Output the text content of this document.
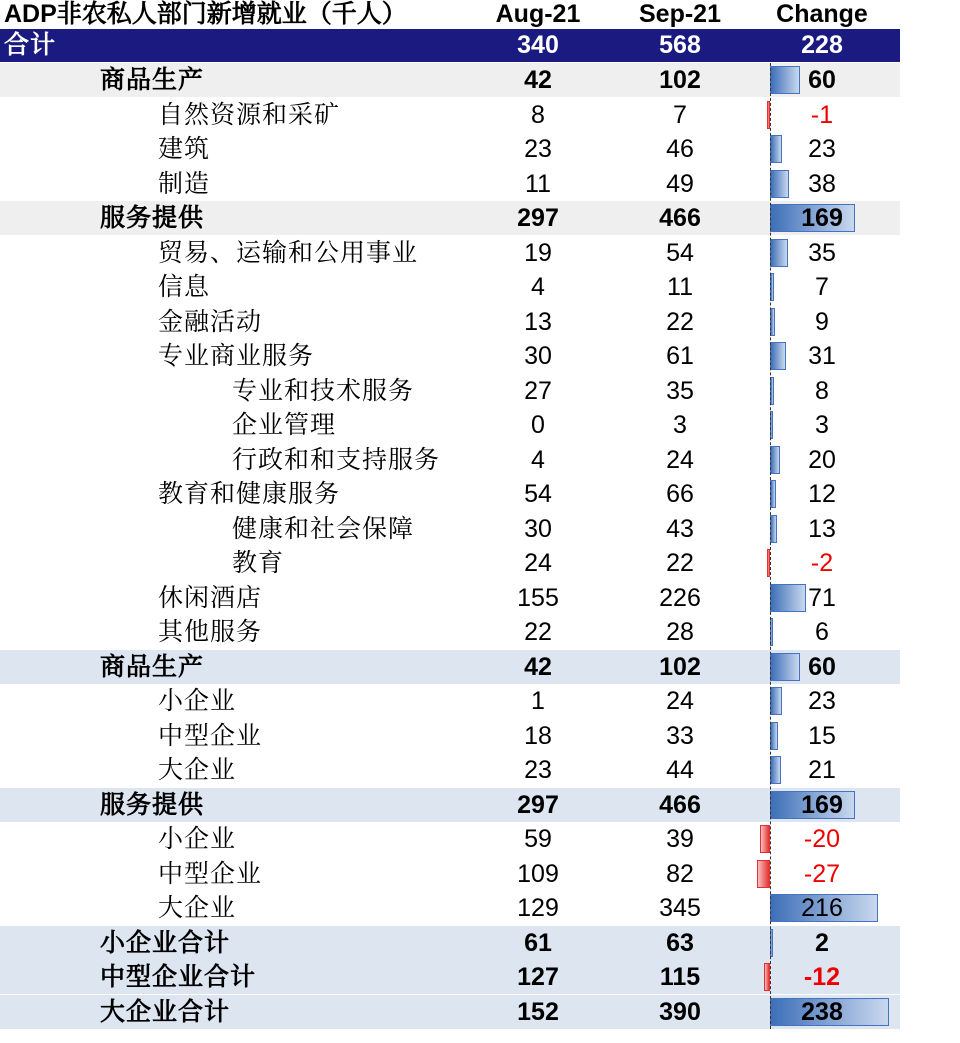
ADP非农私人部门新增就业（千人）	Aug-21	Sep-21	Change
合计	340	568	228
商品生产	42	102	60
自然资源和采矿	8	7	-1
建筑	23	46	23
制造	11	49	38
服务提供	297	466	169
贸易、运输和公用事业	19	54	35
信息	4	11	7
金融活动	13	22	9
专业商业服务	30	61	31
专业和技术服务	27	35	8
企业管理	0	3	3
行政和和支持服务	4	24	20
教育和健康服务	54	66	12
健康和社会保障	30	43	13
教育	24	22	-2
休闲酒店	155	226	71
其他服务	22	28	6
商品生产	42	102	60
小企业	1	24	23
中型企业	18	33	15
大企业	23	44	21
服务提供	297	466	169
小企业	59	39	-20
中型企业	109	82	-27
大企业	129	345	216
小企业合计	61	63	2
中型企业合计	127	115	-12
大企业合计	152	390	238
